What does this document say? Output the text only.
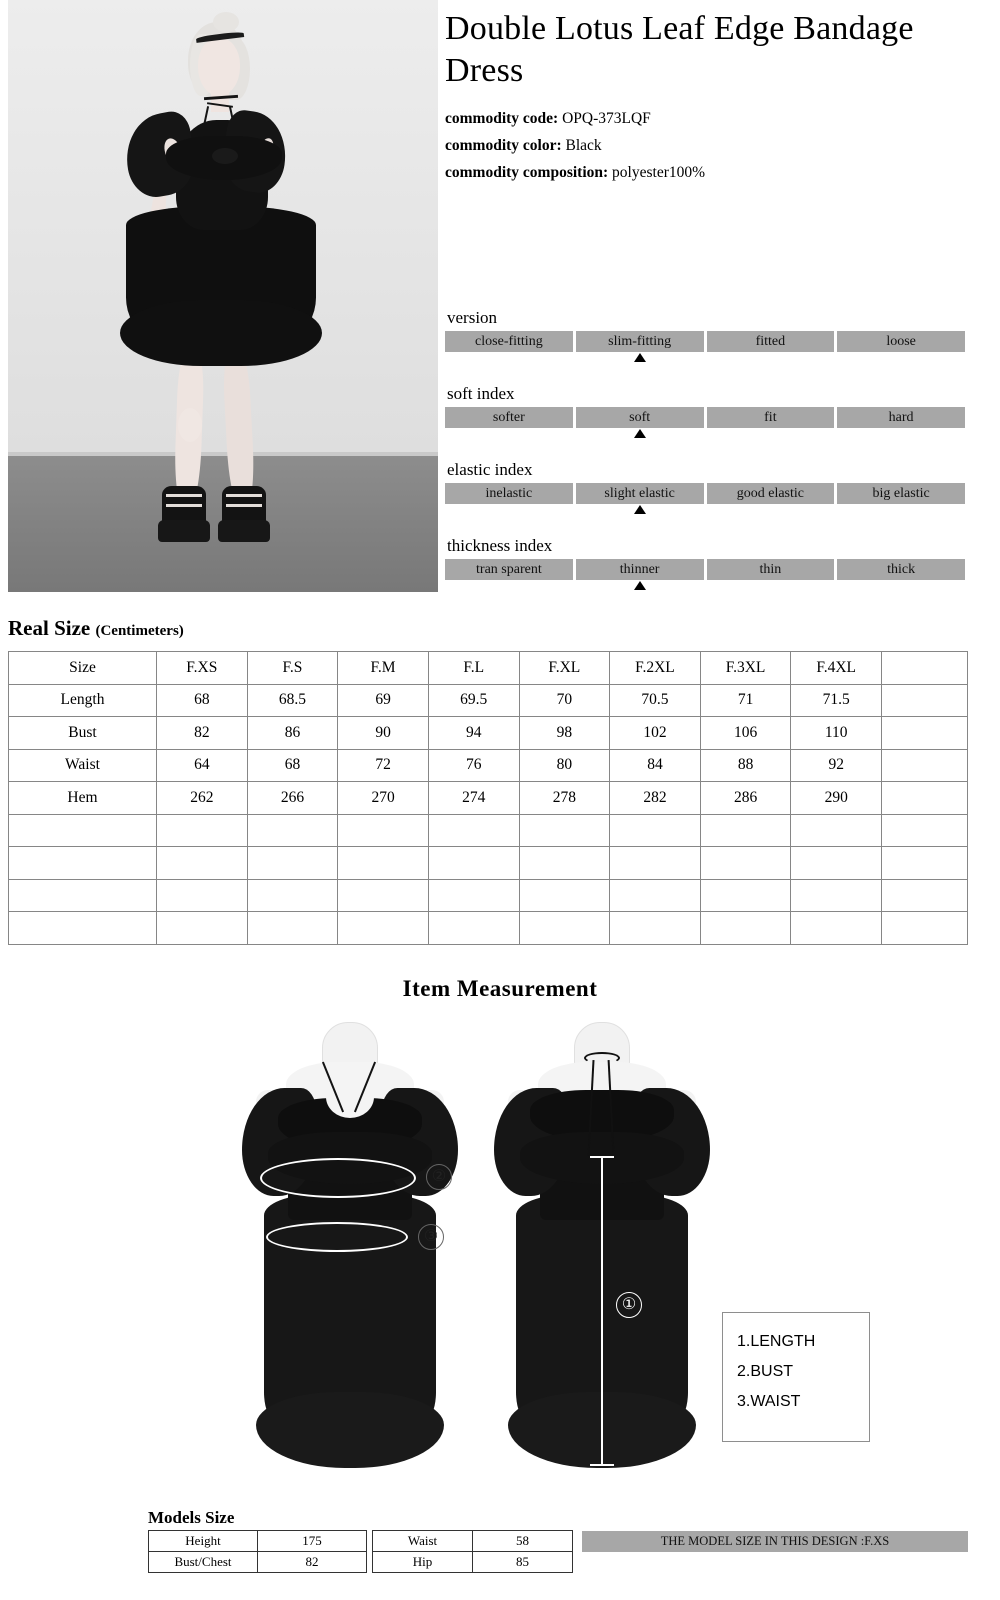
Double Lotus Leaf Edge Bandage Dress

commodity code: OPQ-373LQF

commodity color: Black

commodity composition: polyester100%

version
close-fitting	slim-fitting	fitted	loose
soft index
softer	soft	fit	hard
elastic index
inelastic	slight elastic	good elastic	big elastic
thickness index
tran sparent	thinner	thin	thick
Real Size (Centimeters)
Size	F.XS	F.S	F.M	F.L	F.XL	F.2XL	F.3XL	F.4XL	
Length	68	68.5	69	69.5	70	70.5	71	71.5	
Bust	82	86	90	94	98	102	106	110	
Waist	64	68	72	76	80	84	88	92	
Hem	262	266	270	274	278	282	286	290	

Item Measurement
②
③
①
1.LENGTH
2.BUST
3.WAIST
Models Size
Height	175
Bust/Chest	82
Waist	58
Hip	85
THE MODEL SIZE IN THIS DESIGN :F.XS
